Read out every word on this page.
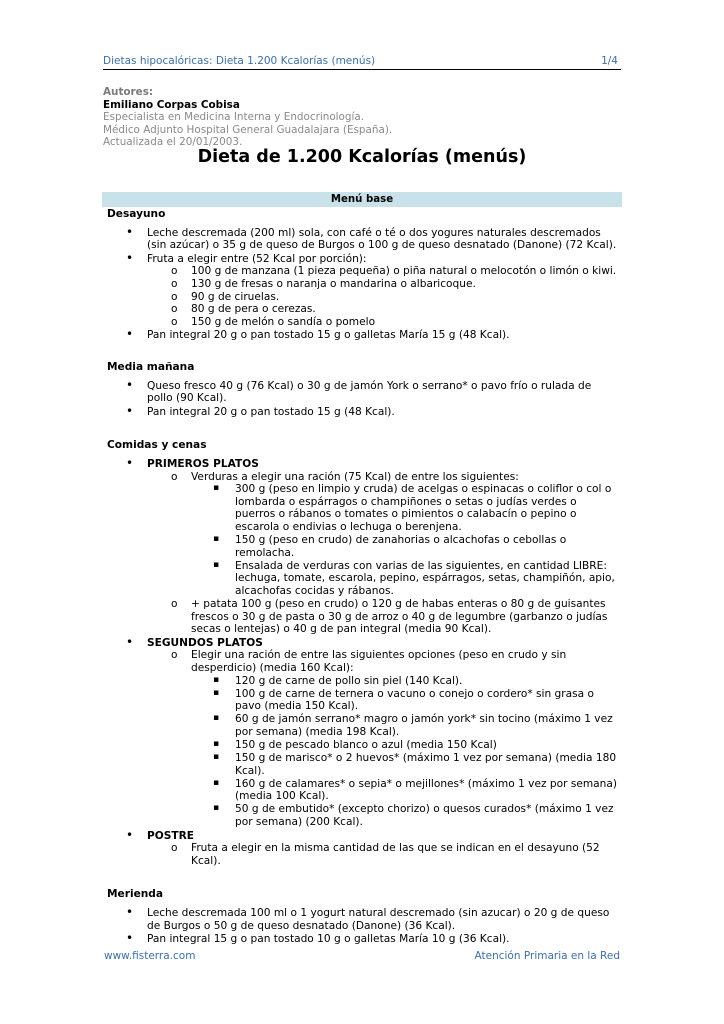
Dietas hipocalóricas: Dieta 1.200 Kcalorías (menús)	1/4
Autores:
Emiliano Corpas Cobisa
Especialista en Medicina Interna y Endocrinología.
Médico Adjunto Hospital General Guadalajara (España).
Actualizada el 20/01/2003.
Dieta de 1.200 Kcalorías (menús)
Menú base
Desayuno
• Leche descremada (200 ml) sola, con café o té o dos yogures naturales descremados (sin azúcar) o 35 g de queso de Burgos o 100 g de queso desnatado (Danone) (72 Kcal).
• Fruta a elegir entre (52 Kcal por porción):
o 100 g de manzana (1 pieza pequeña) o piña natural o melocotón o limón o kiwi.
o 130 g de fresas o naranja o mandarina o albaricoque.
o 90 g de ciruelas.
o 80 g de pera o cerezas.
o 150 g de melón o sandía o pomelo
• Pan integral 20 g o pan tostado 15 g o galletas María 15 g (48 Kcal).
Media mañana
• Queso fresco 40 g (76 Kcal) o 30 g de jamón York o serrano* o pavo frío o rulada de pollo (90 Kcal).
• Pan integral 20 g o pan tostado 15 g (48 Kcal).
Comidas y cenas
• PRIMEROS PLATOS
o Verduras a elegir una ración (75 Kcal) de entre los siguientes:
▪ 300 g (peso en limpio y cruda) de acelgas o espinacas o coliflor o col o lombarda o espárragos o champiñones o setas o judías verdes o puerros o rábanos o tomates o pimientos o calabacín o pepino o escarola o endivias o lechuga o berenjena.
▪ 150 g (peso en crudo) de zanahorias o alcachofas o cebollas o remolacha.
▪ Ensalada de verduras con varias de las siguientes, en cantidad LIBRE: lechuga, tomate, escarola, pepino, espárragos, setas, champiñón, apio, alcachofas cocidas y rábanos.
o + patata 100 g (peso en crudo) o 120 g de habas enteras o 80 g de guisantes frescos o 30 g de pasta o 30 g de arroz o 40 g de legumbre (garbanzo o judías secas o lentejas) o 40 g de pan integral (media 90 Kcal).
• SEGUNDOS PLATOS
o Elegir una ración de entre las siguientes opciones (peso en crudo y sin desperdicio) (media 160 Kcal):
▪ 120 g de carne de pollo sin piel (140 Kcal).
▪ 100 g de carne de ternera o vacuno o conejo o cordero* sin grasa o pavo (media 150 Kcal).
▪ 60 g de jamón serrano* magro o jamón york* sin tocino (máximo 1 vez por semana) (media 198 Kcal).
▪ 150 g de pescado blanco o azul (media 150 Kcal)
▪ 150 g de marisco* o 2 huevos* (máximo 1 vez por semana) (media 180 Kcal).
▪ 160 g de calamares* o sepia* o mejillones* (máximo 1 vez por semana) (media 100 Kcal).
▪ 50 g de embutido* (excepto chorizo) o quesos curados* (máximo 1 vez por semana) (200 Kcal).
• POSTRE
o Fruta a elegir en la misma cantidad de las que se indican en el desayuno (52 Kcal).
Merienda
• Leche descremada 100 ml o 1 yogurt natural descremado (sin azucar) o 20 g de queso de Burgos o 50 g de queso desnatado (Danone) (36 Kcal).
• Pan integral 15 g o pan tostado 10 g o galletas María 10 g (36 Kcal).
www.fisterra.com	Atención Primaria en la Red
